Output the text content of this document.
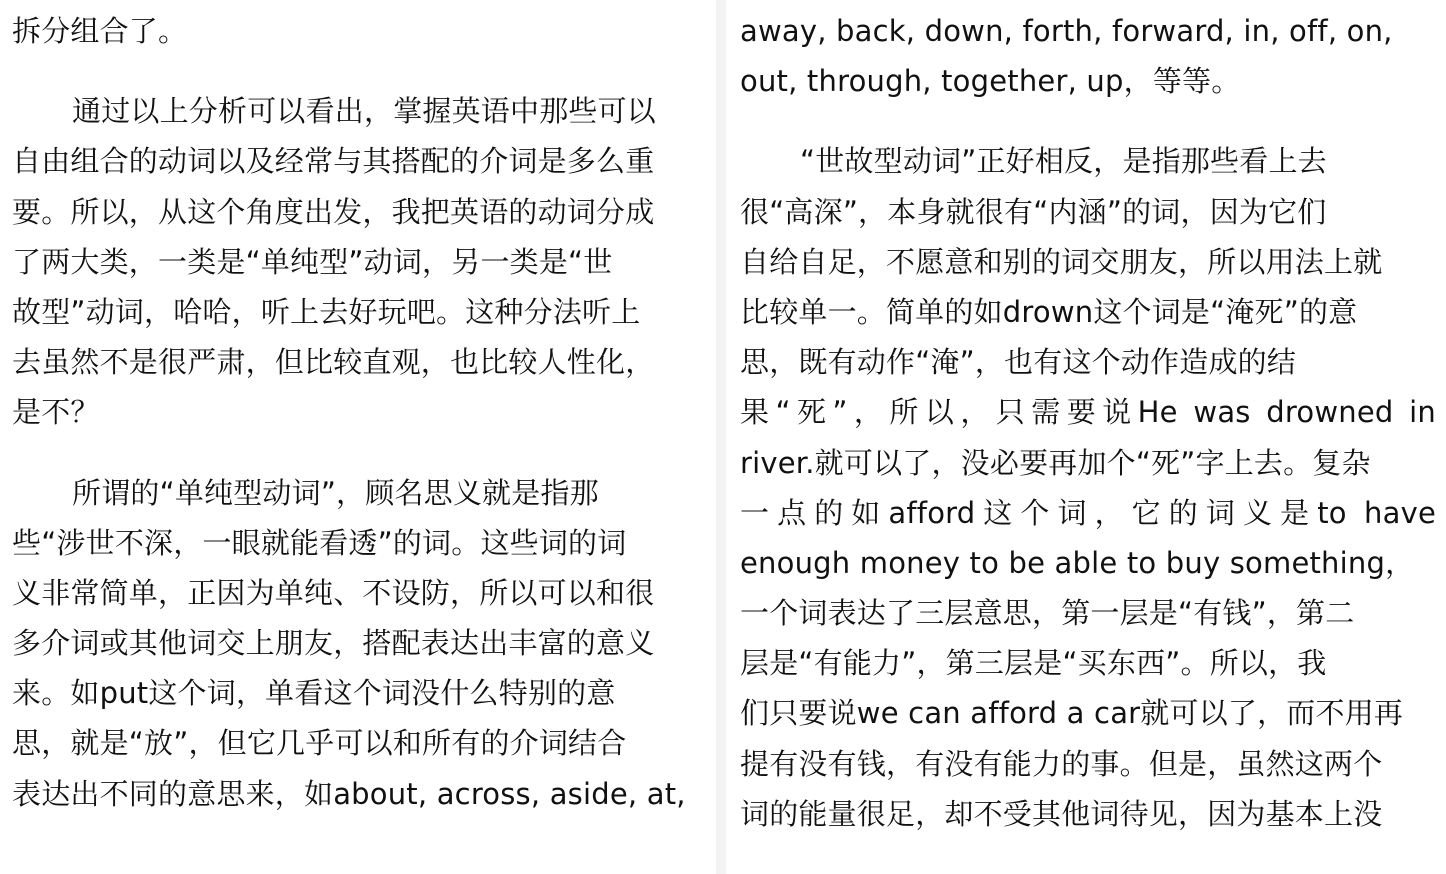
拆分组合了。
通过以上分析可以看出，掌握英语中那些可以
自由组合的动词以及经常与其搭配的介词是多么重
要。所以，从这个角度出发，我把英语的动词分成
了两大类，一类是“单纯型”动词，另一类是“世
故型”动词，哈哈，听上去好玩吧。这种分法听上
去虽然不是很严肃，但比较直观，也比较人性化，
是不？
所谓的“单纯型动词”，顾名思义就是指那
些“涉世不深，一眼就能看透”的词。这些词的词
义非常简单，正因为单纯、不设防，所以可以和很
多介词或其他词交上朋友，搭配表达出丰富的意义
来。如put这个词，单看这个词没什么特别的意
思，就是“放”，但它几乎可以和所有的介词结合
表达出不同的意思来，如about, across, aside, at,
away, back, down, forth, forward, in, off, on,
out, through, together, up，等等。
“世故型动词”正好相反，是指那些看上去
很“高深”，本身就很有“内涵”的词，因为它们
自给自足，不愿意和别的词交朋友，所以用法上就
比较单一。简单的如drown这个词是“淹死”的意
思，既有动作“淹”，也有这个动作造成的结
果“死”，所以，只需要说He was drowned in
river.就可以了，没必要再加个“死”字上去。复杂
一点的如afford这个词，它的词义是to have
enough money to be able to buy something，
一个词表达了三层意思，第一层是“有钱”，第二
层是“有能力”，第三层是“买东西”。所以，我
们只要说we can afford a car就可以了，而不用再
提有没有钱，有没有能力的事。但是，虽然这两个
词的能量很足，却不受其他词待见，因为基本上没
